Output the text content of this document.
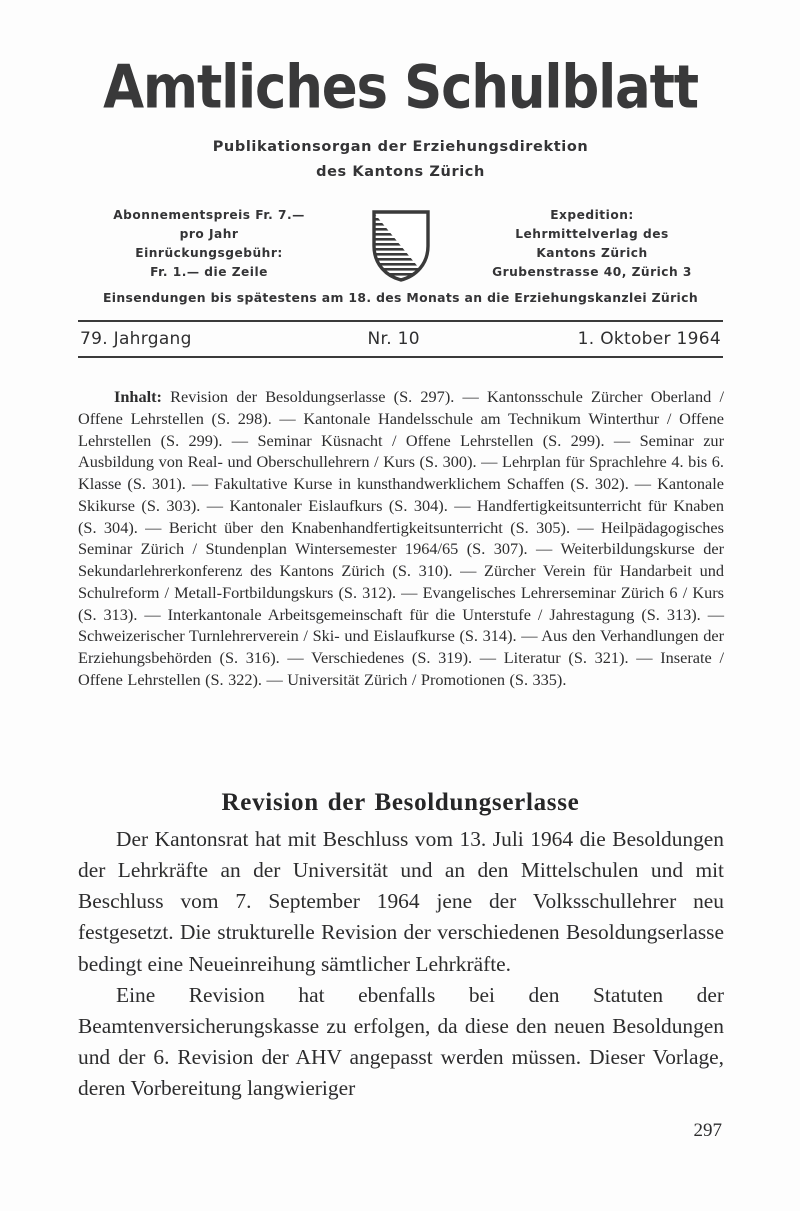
Amtliches Schulblatt
Publikationsorgan der Erziehungsdirektion
des Kantons Zürich
Abonnementspreis Fr. 7.—
pro Jahr
Einrückungsgebühr:
Fr. 1.— die Zeile
Expedition:
Lehrmittelverlag des
Kantons Zürich
Grubenstrasse 40, Zürich 3
Einsendungen bis spätestens am 18. des Monats an die Erziehungskanzlei Zürich
79. Jahrgang	Nr. 10	1. Oktober 1964
Inhalt: Revision der Besoldungserlasse (S. 297). — Kantonsschule Zürcher Oberland / Offene Lehrstellen (S. 298). — Kantonale Handelsschule am Technikum Winterthur / Offene Lehrstellen (S. 299). — Seminar Küsnacht / Offene Lehrstellen (S. 299). — Seminar zur Ausbildung von Real- und Oberschullehrern / Kurs (S. 300). — Lehrplan für Sprachlehre 4. bis 6. Klasse (S. 301). — Fakultative Kurse in kunsthandwerklichem Schaffen (S. 302). — Kantonale Skikurse (S. 303). — Kantonaler Eislaufkurs (S. 304). — Handfertigkeitsunterricht für Knaben (S. 304). — Bericht über den Knabenhandfertigkeitsunterricht (S. 305). — Heilpädagogisches Seminar Zürich / Stundenplan Wintersemester 1964/65 (S. 307). — Weiterbildungskurse der Sekundarlehrerkonferenz des Kantons Zürich (S. 310). — Zürcher Verein für Handarbeit und Schulreform / Metall-Fortbildungskurs (S. 312). — Evangelisches Lehrerseminar Zürich 6 / Kurs (S. 313). — Interkantonale Arbeitsgemeinschaft für die Unterstufe / Jahrestagung (S. 313). — Schweizerischer Turnlehrerverein / Ski- und Eislaufkurse (S. 314). — Aus den Verhandlungen der Erziehungsbehörden (S. 316). — Verschiedenes (S. 319). — Literatur (S. 321). — Inserate / Offene Lehrstellen (S. 322). — Universität Zürich / Promotionen (S. 335).
Revision der Besoldungserlasse

Der Kantonsrat hat mit Beschluss vom 13. Juli 1964 die Besoldungen der Lehrkräfte an der Universität und an den Mittelschulen und mit Beschluss vom 7. September 1964 jene der Volksschullehrer neu festgesetzt. Die strukturelle Revision der verschiedenen Besoldungserlasse bedingt eine Neueinreihung sämtlicher Lehrkräfte.

Eine Revision hat ebenfalls bei den Statuten der Beamtenversicherungskasse zu erfolgen, da diese den neuen Besoldungen und der 6. Revision der AHV angepasst werden müssen. Dieser Vorlage, deren Vorbereitung langwieriger

297
